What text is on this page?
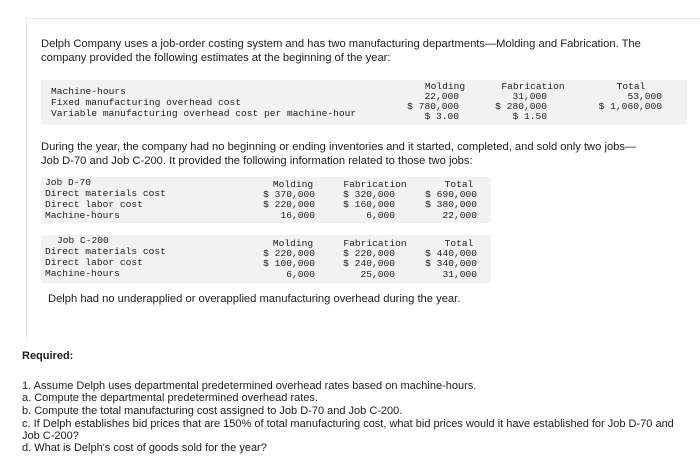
Delph Company uses a job-order costing system and has two manufacturing departments—Molding and Fabrication. The
company provided the following estimates at the beginning of the year:
Molding	Fabrication	Total
Machine-hours	22,000	31,000	53,000
Fixed manufacturing overhead cost	$ 780,000	$ 280,000	$ 1,060,000
Variable manufacturing overhead cost per machine-hour	$ 3.00	$ 1.50
During the year, the company had no beginning or ending inventories and it started, completed, and sold only two jobs—
Job D-70 and Job C-200. It provided the following information related to those two jobs:
Job D-70	Molding	Fabrication	Total
Direct materials cost	$ 370,000	$ 320,000	$ 690,000
Direct labor cost	$ 220,000	$ 160,000	$ 380,000
Machine-hours	16,000	6,000	22,000
Job C-200	Molding	Fabrication	Total
Direct materials cost	$ 220,000	$ 220,000	$ 440,000
Direct labor cost	$ 100,000	$ 240,000	$ 340,000
Machine-hours	6,000	25,000	31,000
Delph had no underapplied or overapplied manufacturing overhead during the year.
Required:
1. Assume Delph uses departmental predetermined overhead rates based on machine-hours.
a. Compute the departmental predetermined overhead rates.
b. Compute the total manufacturing cost assigned to Job D-70 and Job C-200.
c. If Delph establishes bid prices that are 150% of total manufacturing cost, what bid prices would it have established for Job D-70 and
Job C-200?
d. What is Delph's cost of goods sold for the year?
